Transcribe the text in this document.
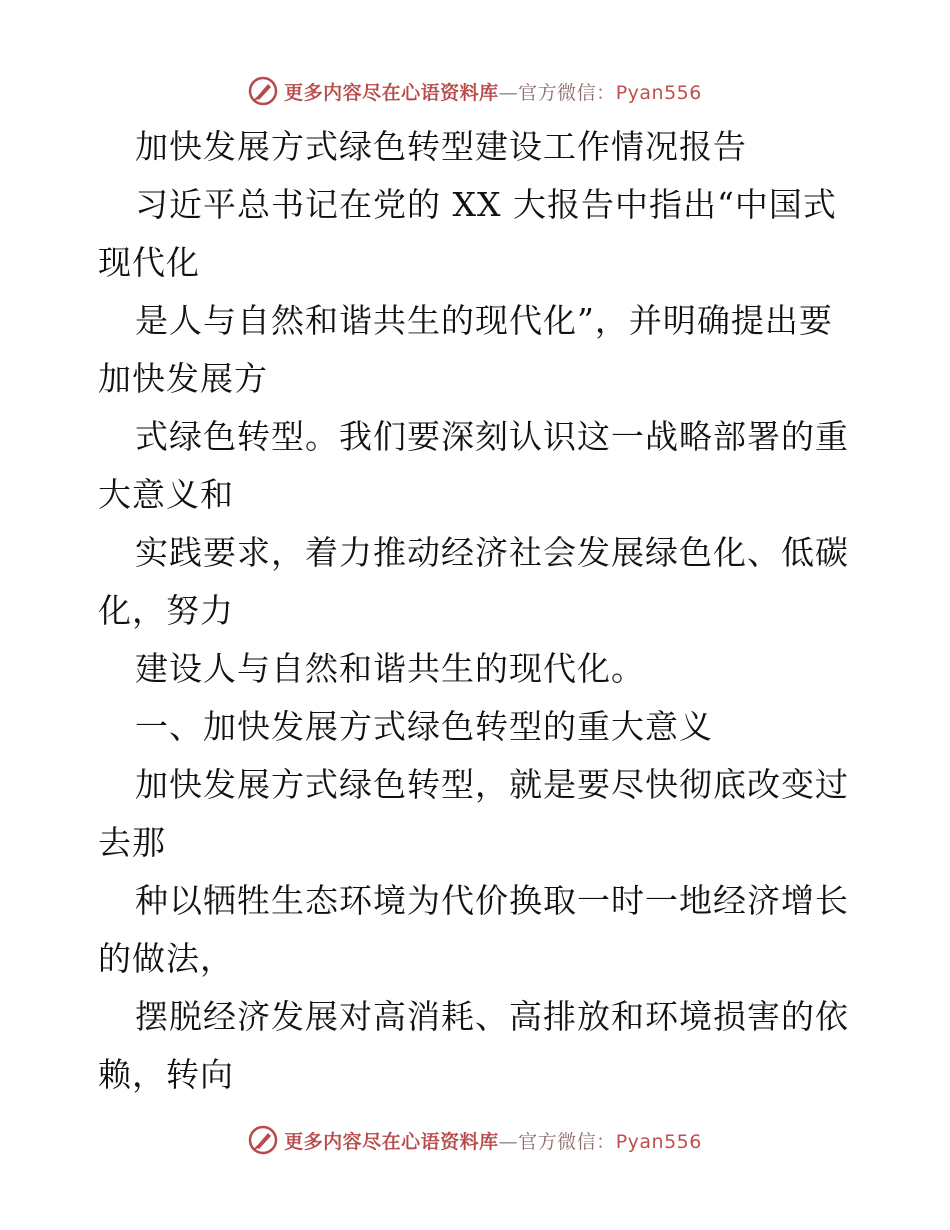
更多内容尽在心语资料库—官方微信：Pyan556
加快发展方式绿色转型建设工作情况报告
习近平总书记在党的 XX 大报告中指出“中国式
现代化
是人与自然和谐共生的现代化”，并明确提出要
加快发展方
式绿色转型。我们要深刻认识这一战略部署的重
大意义和
实践要求，着力推动经济社会发展绿色化、低碳
化，努力
建设人与自然和谐共生的现代化。
一、加快发展方式绿色转型的重大意义
加快发展方式绿色转型，就是要尽快彻底改变过
去那
种以牺牲生态环境为代价换取一时一地经济增长
的做法，
摆脱经济发展对高消耗、高排放和环境损害的依
赖，转向
更多内容尽在心语资料库—官方微信：Pyan556
